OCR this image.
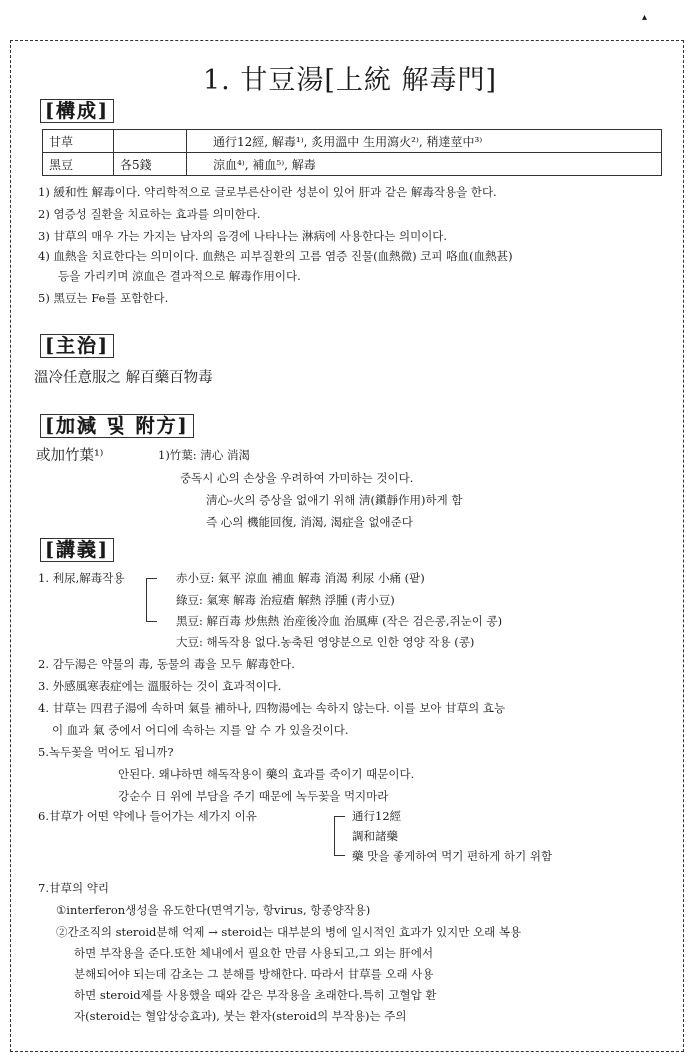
▴
1. 甘豆湯[上統 解毒門]
[構成]
甘草		通行12經, 解毒¹⁾, 炙用溫中 生用瀉火²⁾, 稍達莖中³⁾
黑豆	各5錢	涼血⁴⁾, 補血⁵⁾, 解毒
1) 緩和性 解毒이다. 약리학적으로 글로부른산이란 성분이 있어 肝과 같은 解毒작용을 한다.
2) 염증성 질환을 치료하는 효과를 의미한다.
3) 甘草의 매우 가는 가지는 남자의 음경에 나타나는 淋病에 사용한다는 의미이다.
4) 血熱을 치료한다는 의미이다. 血熱은 피부질환의 고름 염증 진물(血熱微) 코피 咯血(血熱甚)
등을 가리키며 涼血은 결과적으로 解毒作用이다.
5) 黑豆는 Fe를 포함한다.
[主治]
溫冷任意服之 解百藥百物毒
[加減 및 附方]
或加竹葉¹⁾	1)竹葉: 淸心 消渴
중독시 心의 손상을 우려하여 가미하는 것이다.
淸心-火의 증상을 없애기 위해 淸(鎭靜作用)하게 함
즉 心의 機能回復, 消渴, 渴症을 없애준다
[講義]
1. 利尿,解毒작용	赤小豆: 氣平 涼血 補血 解毒 消渴 利尿 小痛 (팥)
綠豆: 氣寒 解毒 治痘瘡 解熱 浮腫 (靑小豆)
黑豆: 解百毒 炒焦熱 治産後冷血 治風痺 (작은 검은콩,쥐눈이 콩)
大豆: 해독작용 없다.농축된 영양분으로 인한 영양 작용 (콩)
2. 감두湯은 약물의 毒, 동물의 毒을 모두 解毒한다.
3. 外感風寒表症에는 溫服하는 것이 효과적이다.
4. 甘草는 四君子湯에 속하며 氣를 補하나, 四物湯에는 속하지 않는다. 이를 보아 甘草의 효능
이 血과 氣 중에서 어디에 속하는 지를 알 수 가 있을것이다.
5.녹두꽃을 먹어도 됩니까?
안된다. 왜냐하면 해독작용이 藥의 효과를 죽이기 때문이다.
강순수 日 위에 부담을 주기 때문에 녹두꽃을 먹지마라
6.甘草가 어떤 약에나 들어가는 세가지 이유	通行12經
調和諸藥
藥 맛을 좋게하여 먹기 편하게 하기 위함
7.甘草의 약리
①interferon생성을 유도한다(면역기능, 항virus, 항종양작용)
②간조직의 steroid분해 억제 → steroid는 대부분의 병에 일시적인 효과가 있지만 오래 복용
하면 부작용을 준다.또한 체내에서 필요한 만큼 사용되고,그 외는 肝에서
분해되어야 되는데 감초는 그 분해를 방해한다. 따라서 甘草를 오래 사용
하면 steroid제를 사용했을 때와 같은 부작용을 초래한다.특히 고혈압 환
자(steroid는 혈압상승효과), 붓는 환자(steroid의 부작용)는 주의
